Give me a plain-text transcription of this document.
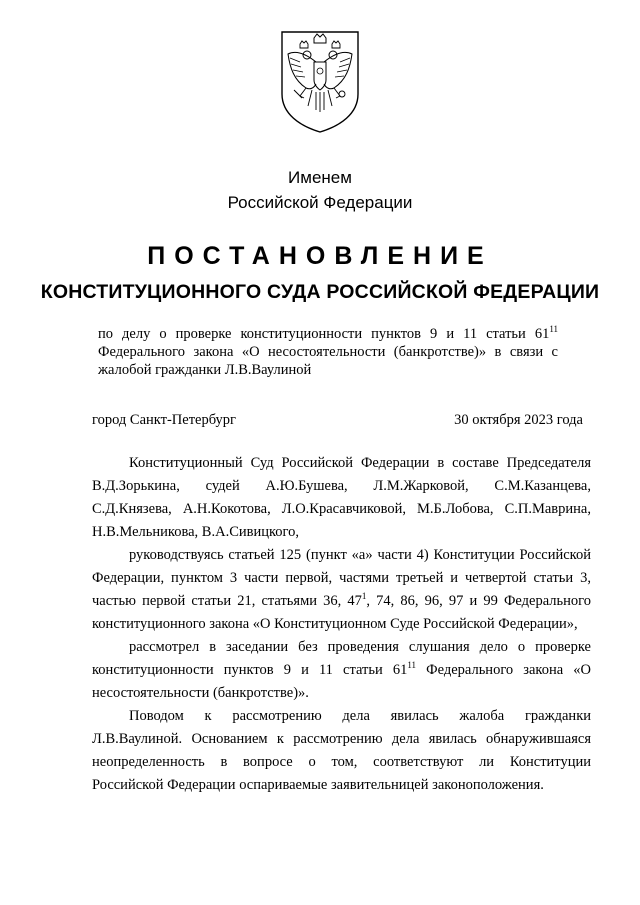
Именем
Российской Федерации
ПОСТАНОВЛЕНИЕ
КОНСТИТУЦИОННОГО СУДА РОССИЙСКОЙ ФЕДЕРАЦИИ

по делу о проверке конституционности пунктов 9 и 11 статьи $61^{11}$

Федерального закона «О несостоятельности (банкротстве)» в связи с

жалобой гражданки Л.В.Ваулиной

город Санкт-Петербург	30 октября 2023 года
Конституционный Суд Российской Федерации в составе Председателя
В.Д.Зорькина, судей А.Ю.Бушева, Л.М.Жарковой, С.М.Казанцева,
С.Д.Князева, А.Н.Кокотова, Л.О.Красавчиковой, М.Б.Лобова, С.П.Маврина,
Н.В.Мельникова, В.А.Сивицкого,
руководствуясь статьей 125 (пункт «а» части 4) Конституции Российской
Федерации, пунктом 3 части первой, частями третьей и четвертой статьи 3,
частью первой статьи 21, статьями 36, $47^1$, 74, 86, 96, 97 и 99 Федерального
конституционного закона «О Конституционном Суде Российской Федерации»,
рассмотрел в заседании без проведения слушания дело о проверке
конституционности пунктов 9 и 11 статьи $61^{11}$ Федерального закона «О
несостоятельности (банкротстве)».
Поводом к рассмотрению дела явилась жалоба гражданки
Л.В.Ваулиной. Основанием к рассмотрению дела явилась обнаружившаяся
неопределенность в вопросе о том, соответствуют ли Конституции
Российской Федерации оспариваемые заявительницей законоположения.
